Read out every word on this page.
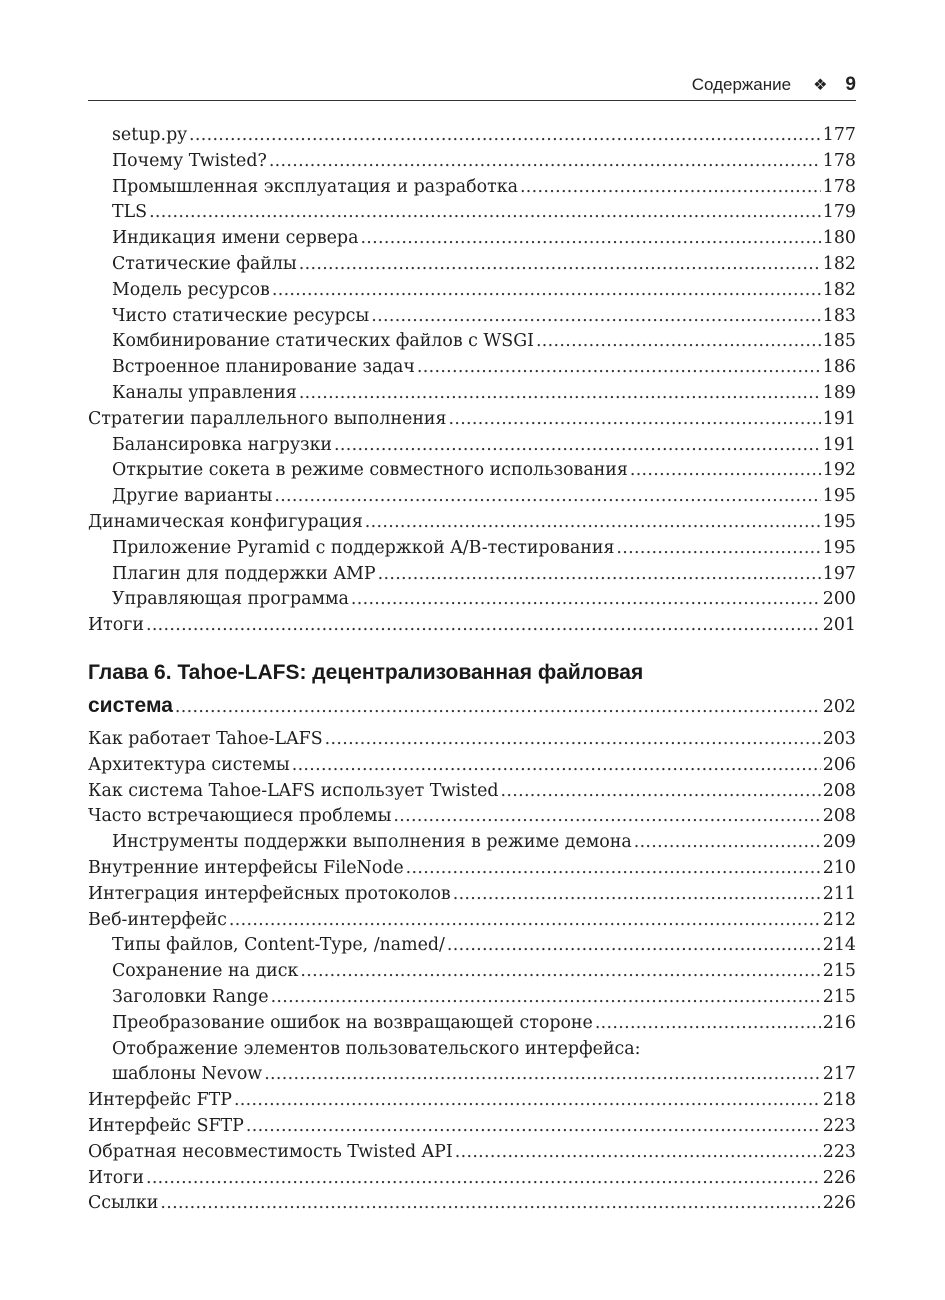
Содержание ❖ 9
setup.py . . .	177
Почему Twisted? . . .	178
Промышленная эксплуатация и разработка . . .	178
TLS . . .	179
Индикация имени сервера . . .	180
Статические файлы . . .	182
Модель ресурсов . . .	182
Чисто статические ресурсы . . .	183
Комбинирование статических файлов с WSGI . . .	185
Встроенное планирование задач . . .	186
Каналы управления . . .	189
Стратегии параллельного выполнения . . .	191
Балансировка нагрузки . . .	191
Открытие сокета в режиме совместного использования . . .	192
Другие варианты . . .	195
Динамическая конфигурация . . .	195
Приложение Pyramid с поддержкой A/B-тестирования . . .	195
Плагин для поддержки AMP . . .	197
Управляющая программа . . .	200
Итоги . . .	201
Глава 6. Tahoe-LAFS: децентрализованная файловая
система . . .	202
Как работает Tahoe-LAFS . . .	203
Архитектура системы . . .	206
Как система Tahoe-LAFS использует Twisted . . .	208
Часто встречающиеся проблемы . . .	208
Инструменты поддержки выполнения в режиме демона . . .	209
Внутренние интерфейсы FileNode . . .	210
Интеграция интерфейсных протоколов . . .	211
Веб-интерфейс . . .	212
Типы файлов, Content-Type, /named/ . . .	214
Сохранение на диск . . .	215
Заголовки Range . . .	215
Преобразование ошибок на возвращающей стороне . . .	216
Отображение элементов пользовательского интерфейса:
шаблоны Nevow . . .	217
Интерфейс FTP . . .	218
Интерфейс SFTP . . .	223
Обратная несовместимость Twisted API . . .	223
Итоги . . .	226
Ссылки . . .	226
